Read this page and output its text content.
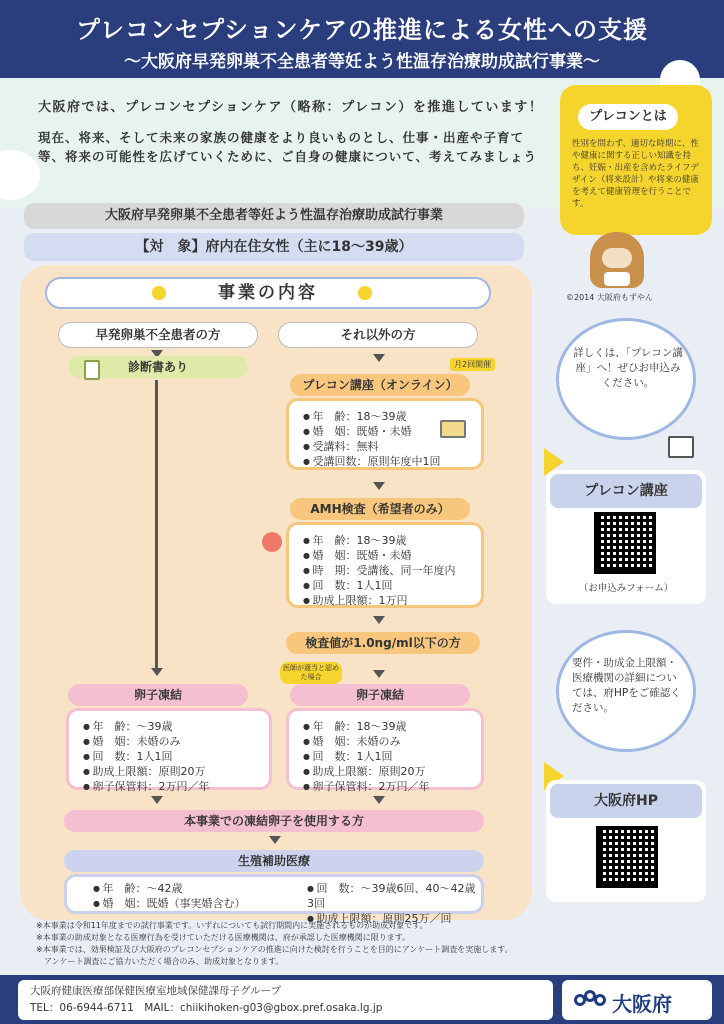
プレコンセプションケアの推進による女性への支援
〜大阪府早発卵巣不全患者等妊よう性温存治療助成試行事業〜
大阪府では、プレコンセプションケア（略称：プレコン）を推進しています！
現在、将来、そして未来の家族の健康をより良いものとし、仕事・出産や子育て等、将来の可能性を広げていくために、ご自身の健康について、考えてみましょう
プレコンとは
性別を問わず、適切な時期に、性や健康に関する正しい知識を持ち、妊娠・出産を含めたライフデザイン（将来設計）や将来の健康を考えて健康管理を行うことです。
©2014 大阪府もずやん
大阪府早発卵巣不全患者等妊よう性温存治療助成試行事業
【対　象】府内在住女性（主に18〜39歳）
事業の内容
早発卵巣不全患者の方
診断書あり
卵子凍結
● 年　齢：〜39歳
● 婚　姻：未婚のみ
● 回　数：1人1回
● 助成上限額：原則20万
● 卵子保管料：2万円／年
それ以外の方
月2回開催
プレコン講座（オンライン）
● 年　齢：18〜39歳
● 婚　姻：既婚・未婚
● 受講料：無料
● 受講回数：原則年度中1回
AMH検査（希望者のみ）
● 年　齢：18〜39歳
● 婚　姻：既婚・未婚
● 時　期：受講後、同一年度内
● 回　数：1人1回
● 助成上限額：1万円
検査値が1.0ng/ml以下の方
医師が適当と認めた場合
卵子凍結
● 年　齢：18〜39歳
● 婚　姻：未婚のみ
● 回　数：1人1回
● 助成上限額：原則20万
● 卵子保管料：2万円／年
本事業での凍結卵子を使用する方
生殖補助医療
● 年　齢：〜42歳
● 婚　姻：既婚（事実婚含む）
● 回　数：〜39歳6回、40〜42歳3回
● 助成上限額：原則25万／回
※本事業は令和11年度までの試行事業です。いずれについても試行期間内に実施されるものが助成対象です。
※本事業の助成対象となる医療行為を受けていただける医療機関は、府が承認した医療機関に限ります。
※本事業では、効果検証及び大阪府のプレコンセプションケアの推進に向けた検討を行うことを目的にアンケート調査を実施します。
　アンケート調査にご協力いただく場合のみ、助成対象となります。
詳しくは、「プレコン講座」へ！ぜひお申込みください。
プレコン講座
（お申込みフォーム）
要件・助成金上限額・医療機関の詳細については、府HPをご確認ください。
大阪府HP
大阪府健康医療部保健医療室地域保健課母子グループ
TEL：06-6944-6711　MAIL：chiikihoken-g03@gbox.pref.osaka.lg.jp	大阪府
